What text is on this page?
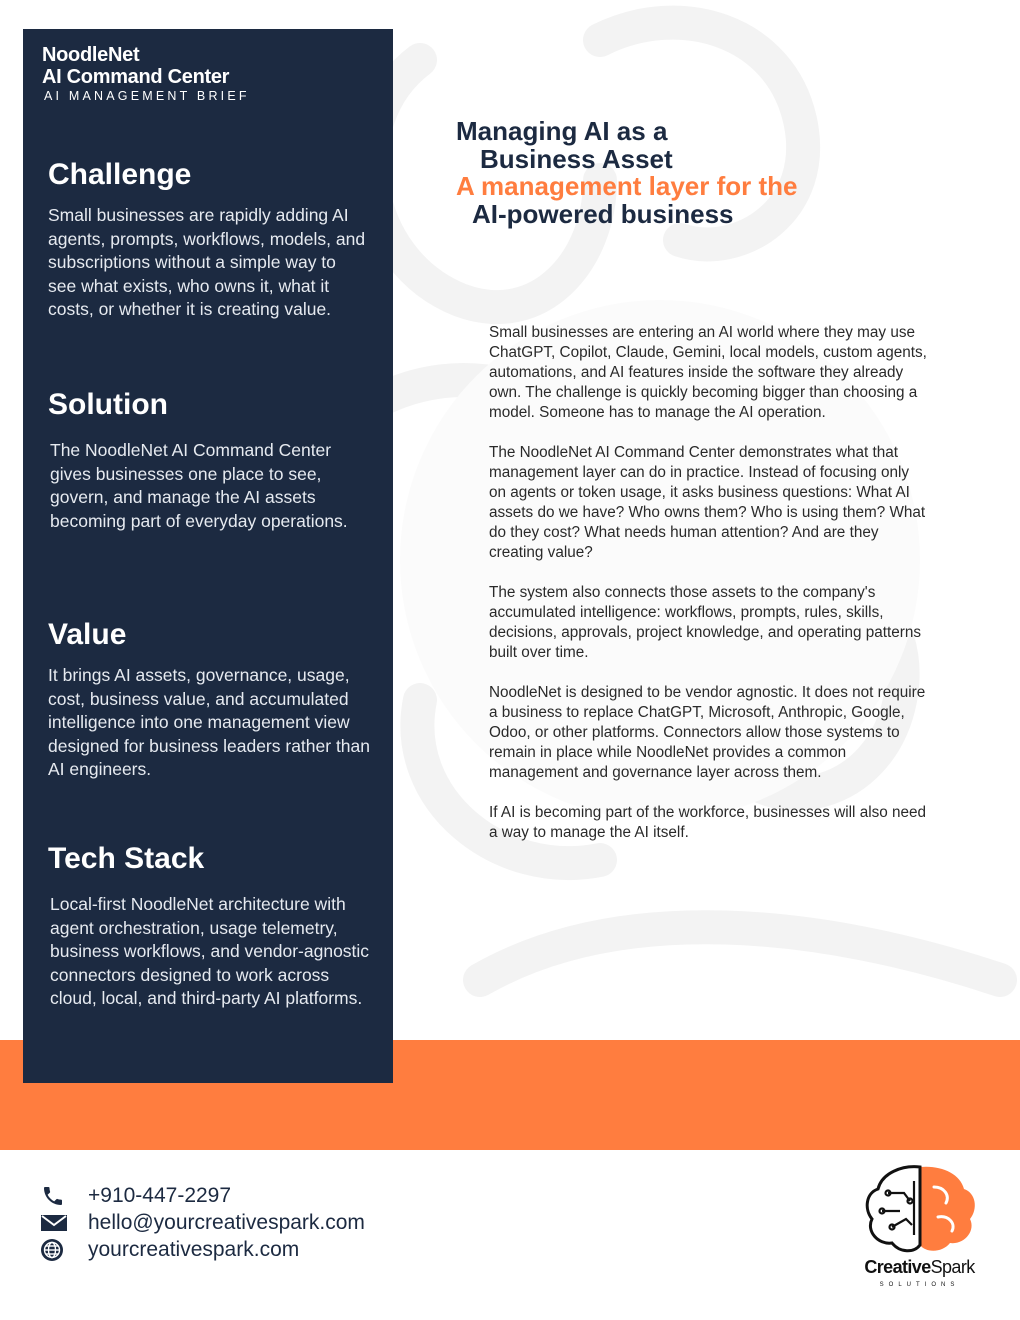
NoodleNet
AI Command Center
AI MANAGEMENT BRIEF
Challenge
Small businesses are rapidly adding AI agents, prompts, workflows, models, and subscriptions without a simple way to see what exists, who owns it, what it costs, or whether it is creating value.
Solution
The NoodleNet AI Command Center gives businesses one place to see, govern, and manage the AI assets becoming part of everyday operations.
Value
It brings AI assets, governance, usage, cost, business value, and accumulated intelligence into one management view designed for business leaders rather than AI engineers.
Tech Stack
Local-first NoodleNet architecture with agent orchestration, usage telemetry, business workflows, and vendor-agnostic connectors designed to work across cloud, local, and third-party AI platforms.
Managing AI as a
Business Asset
A management layer for the
AI-powered business

Small businesses are entering an AI world where they may use ChatGPT, Copilot, Claude, Gemini, local models, custom agents, automations, and AI features inside the software they already own. The challenge is quickly becoming bigger than choosing a model. Someone has to manage the AI operation.

The NoodleNet AI Command Center demonstrates what that management layer can do in practice. Instead of focusing only on agents or token usage, it asks business questions: What AI assets do we have? Who owns them? Who is using them? What do they cost? What needs human attention? And are they creating value?

The system also connects those assets to the company's accumulated intelligence: workflows, prompts, rules, skills, decisions, approvals, project knowledge, and operating patterns built over time.

NoodleNet is designed to be vendor agnostic. It does not require a business to replace ChatGPT, Microsoft, Anthropic, Google, Odoo, or other platforms. Connectors allow those systems to remain in place while NoodleNet provides a common management and governance layer across them.

If AI is becoming part of the workforce, businesses will also need a way to manage the AI itself.

+910-447-2297
hello@yourcreativespark.com
yourcreativespark.com
CreativeSpark
SOLUTIONS
